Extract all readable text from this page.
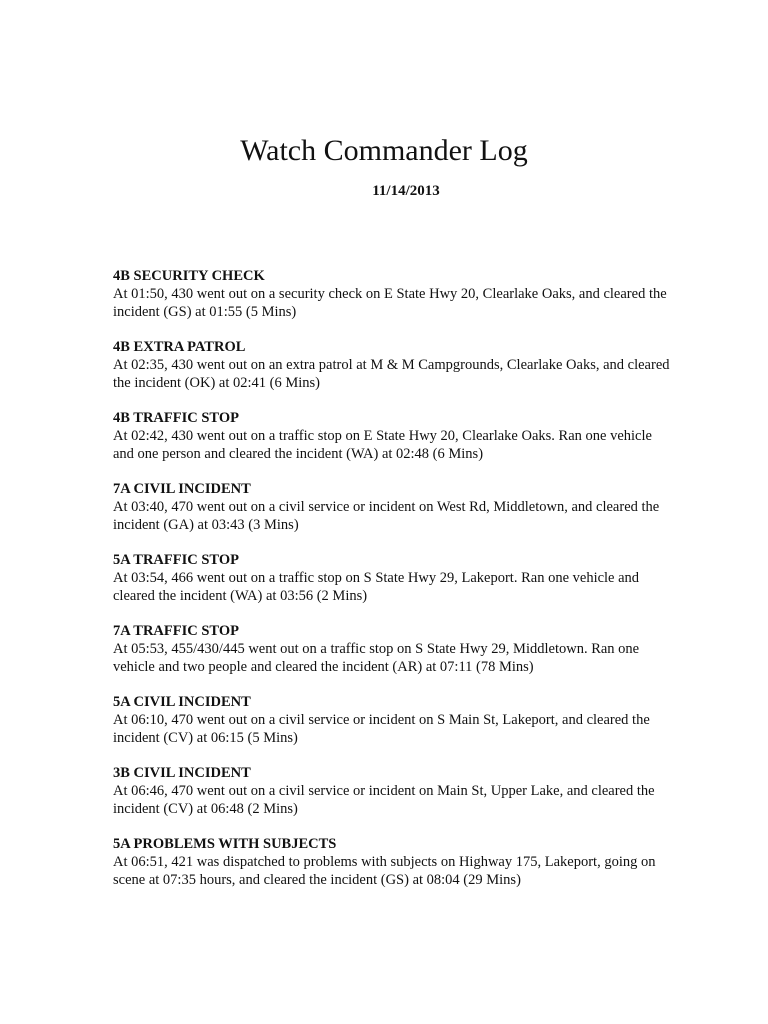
Watch Commander Log
11/14/2013
4B SECURITY CHECK
At 01:50, 430 went out on a security check on E State Hwy 20, Clearlake Oaks, and cleared the incident (GS) at 01:55 (5 Mins)
4B EXTRA PATROL
At 02:35, 430 went out on an extra patrol at M & M Campgrounds, Clearlake Oaks, and cleared the incident (OK) at 02:41 (6 Mins)
4B TRAFFIC STOP
At 02:42, 430 went out on a traffic stop on E State Hwy 20, Clearlake Oaks. Ran one vehicle and one person and cleared the incident (WA) at 02:48 (6 Mins)
7A CIVIL INCIDENT
At 03:40, 470 went out on a civil service or incident on West Rd, Middletown, and cleared the incident (GA) at 03:43 (3 Mins)
5A TRAFFIC STOP
At 03:54, 466 went out on a traffic stop on S State Hwy 29, Lakeport. Ran one vehicle and cleared the incident (WA) at 03:56 (2 Mins)
7A TRAFFIC STOP
At 05:53, 455/430/445 went out on a traffic stop on S State Hwy 29, Middletown. Ran one vehicle and two people and cleared the incident (AR) at 07:11 (78 Mins)
5A CIVIL INCIDENT
At 06:10, 470 went out on a civil service or incident on S Main St, Lakeport, and cleared the incident (CV) at 06:15 (5 Mins)
3B CIVIL INCIDENT
At 06:46, 470 went out on a civil service or incident on Main St, Upper Lake, and cleared the incident (CV) at 06:48 (2 Mins)
5A PROBLEMS WITH SUBJECTS
At 06:51, 421 was dispatched to problems with subjects on Highway 175, Lakeport, going on scene at 07:35 hours, and cleared the incident (GS) at 08:04 (29 Mins)
